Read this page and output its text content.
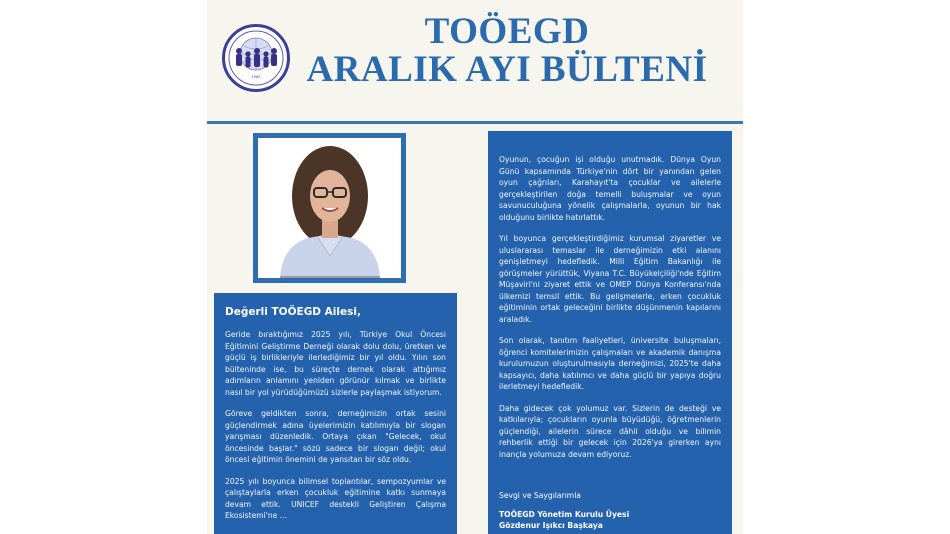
1962
TOÖEGD
ARALIK AYI BÜLTENİ

Değerli TOÖEGD Ailesi,

Geride bıraktığımız 2025 yılı, Türkiye Okul Öncesi Eğitimini Geliştirme Derneği olarak dolu dolu, üretken ve güçlü iş birlikleriyle ilerlediğimiz bir yıl oldu. Yılın son bülteninde ise, bu süreçte dernek olarak attığımız adımların anlamını yeniden görünür kılmak ve birlikte nasıl bir yol yürüdüğümüzü sizlerle paylaşmak istiyorum.

Göreve geldikten sonra, derneğimizin ortak sesini güçlendirmek adına üyelerimizin katılımıyla bir slogan yarışması düzenledik. Ortaya çıkan "Gelecek, okul öncesinde başlar." sözü sadece bir slogan değil; okul öncesi eğitimin önemini de yansıtan bir söz oldu.

2025 yılı boyunca bilimsel toplantılar, sempozyumlar ve çalıştaylarla erken çocukluk eğitimine katkı sunmaya devam ettik. UNICEF destekli Geliştiren Çalışma Ekosistemi'ne ...

Oyunun, çocuğun işi olduğu unutmadık. Dünya Oyun Günü kapsamında Türkiye'nin dört bir yanından gelen oyun çağrıları, Karahayıt'ta çocuklar ve ailelerle gerçekleştirilen doğa temelli buluşmalar ve oyun savunuculuğuna yönelik çalışmalarla, oyunun bir hak olduğunu birlikte hatırlattık.

Yıl boyunca gerçekleştirdiğimiz kurumsal ziyaretler ve uluslararası temaslar ile derneğimizin etki alanını genişletmeyi hedefledik. Milli Eğitim Bakanlığı ile görüşmeler yürüttük, Viyana T.C. Büyükelçiliği'nde Eğitim Müşaviri'ni ziyaret ettik ve OMEP Dünya Konferansı'nda ülkemizi temsil ettik. Bu gelişmelerle, erken çocukluk eğitiminin ortak geleceğini birlikte düşünmenin kapılarını araladık.

Son olarak, tanıtım faaliyetleri, üniversite buluşmaları, öğrenci komitelerimizin çalışmaları ve akademik danışma kurulumuzun oluşturulmasıyla derneğimizi, 2025'te daha kapsayıcı, daha katılımcı ve daha güçlü bir yapıya doğru ilerletmeyi hedefledik.

Daha gidecek çok yolumuz var. Sizlerin de desteği ve katkılarıyla; çocukların oyunla büyüdüğü, öğretmenlerin güçlendiği, ailelerin sürece dâhil olduğu ve bilimin rehberlik ettiği bir gelecek için 2026'ya girerken aynı inançla yolumuza devam ediyoruz.

Sevgi ve Saygılarımla

TOÖEGD Yönetim Kurulu Üyesi

Gözdenur Işıkcı Başkaya
